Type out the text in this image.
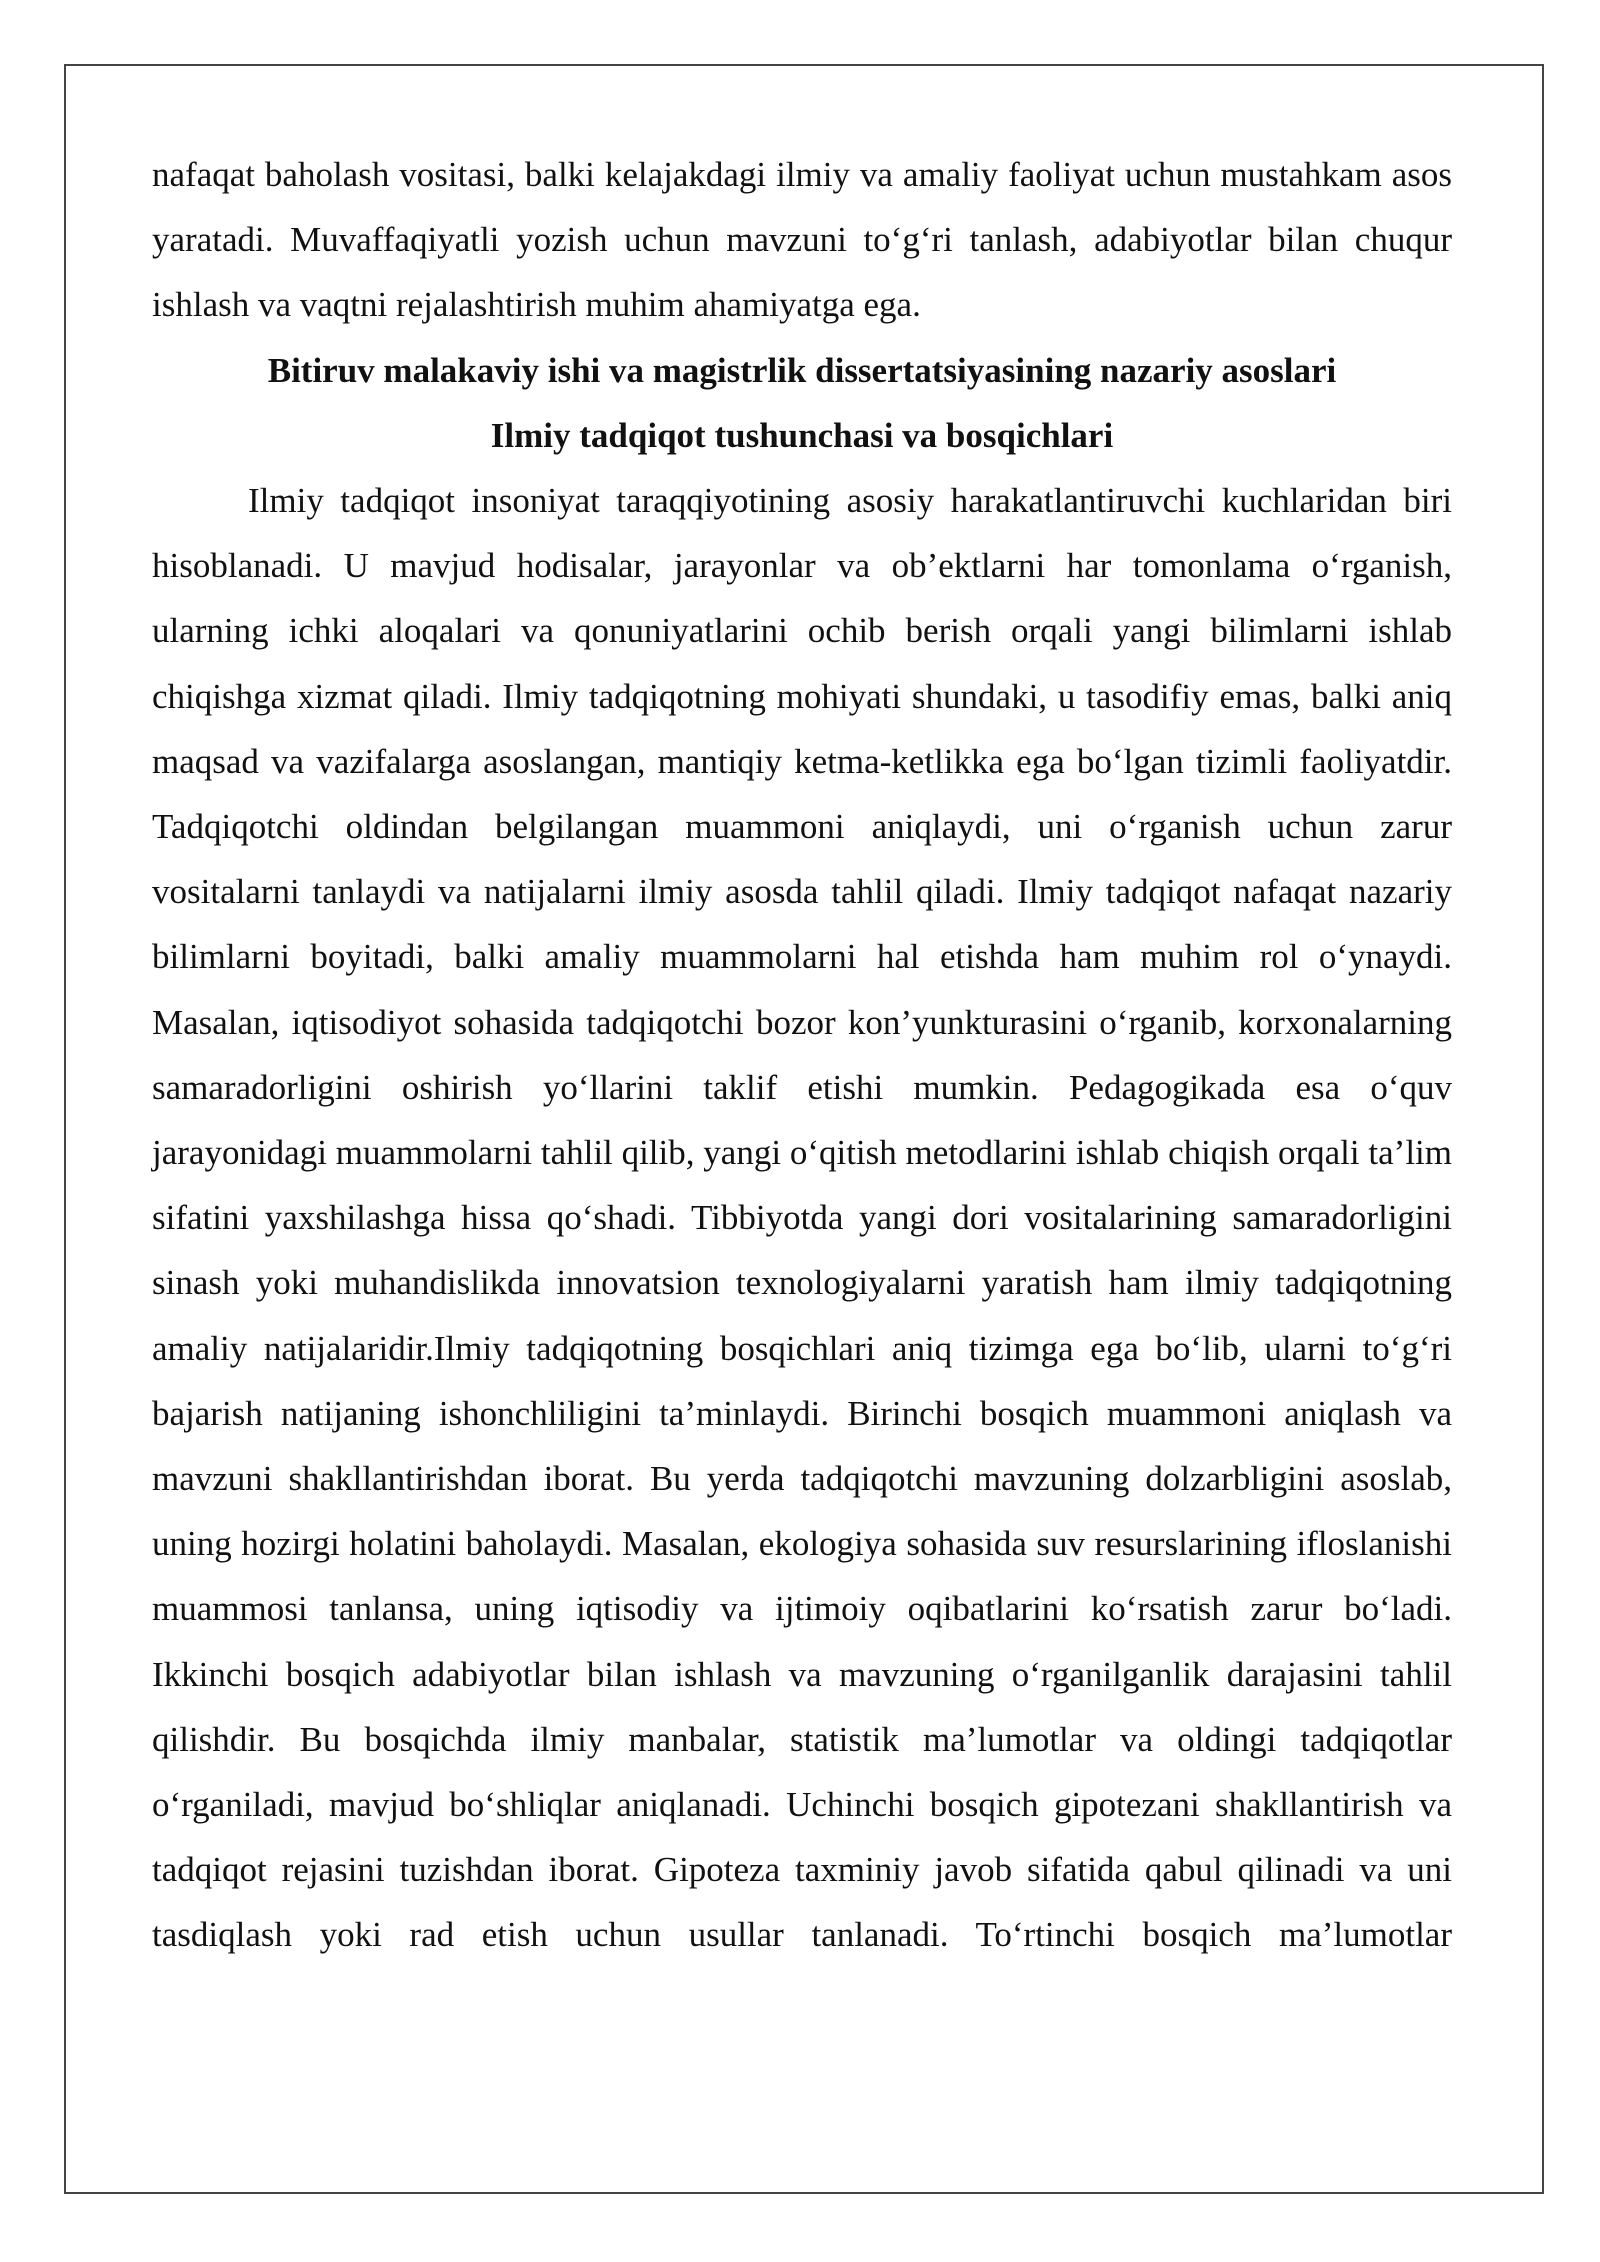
nafaqat baholash vositasi, balki kelajakdagi ilmiy va amaliy faoliyat uchun mustahkam asos yaratadi. Muvaffaqiyatli yozish uchun mavzuni to‘g‘ri tanlash, adabiyotlar bilan chuqur ishlash va vaqtni rejalashtirish muhim ahamiyatga ega.

Bitiruv malakaviy ishi va magistrlik dissertatsiyasining nazariy asoslari

Ilmiy tadqiqot tushunchasi va bosqichlari

Ilmiy tadqiqot insoniyat taraqqiyotining asosiy harakatlantiruvchi kuchlaridan biri hisoblanadi. U mavjud hodisalar, jarayonlar va ob’ektlarni har tomonlama o‘rganish, ularning ichki aloqalari va qonuniyatlarini ochib berish orqali yangi bilimlarni ishlab chiqishga xizmat qiladi. Ilmiy tadqiqotning mohiyati shundaki, u tasodifiy emas, balki aniq maqsad va vazifalarga asoslangan, mantiqiy ketma-ketlikka ega bo‘lgan tizimli faoliyatdir. Tadqiqotchi oldindan belgilangan muammoni aniqlaydi, uni o‘rganish uchun zarur vositalarni tanlaydi va natijalarni ilmiy asosda tahlil qiladi. Ilmiy tadqiqot nafaqat nazariy bilimlarni boyitadi, balki amaliy muammolarni hal etishda ham muhim rol o‘ynaydi. Masalan, iqtisodiyot sohasida tadqiqotchi bozor kon’yunkturasini o‘rganib, korxonalarning samaradorligini oshirish yo‘llarini taklif etishi mumkin. Pedagogikada esa o‘quv jarayonidagi muammolarni tahlil qilib, yangi o‘qitish metodlarini ishlab chiqish orqali ta’lim sifatini yaxshilashga hissa qo‘shadi. Tibbiyotda yangi dori vositalarining samaradorligini sinash yoki muhandislikda innovatsion texnologiyalarni yaratish ham ilmiy tadqiqotning amaliy natijalaridir.Ilmiy tadqiqotning bosqichlari aniq tizimga ega bo‘lib, ularni to‘g‘ri bajarish natijaning ishonchliligini ta’minlaydi. Birinchi bosqich muammoni aniqlash va mavzuni shakllantirishdan iborat. Bu yerda tadqiqotchi mavzuning dolzarbligini asoslab, uning hozirgi holatini baholaydi. Masalan, ekologiya sohasida suv resurslarining ifloslanishi muammosi tanlansa, uning iqtisodiy va ijtimoiy oqibatlarini ko‘rsatish zarur bo‘ladi. Ikkinchi bosqich adabiyotlar bilan ishlash va mavzuning o‘rganilganlik darajasini tahlil qilishdir. Bu bosqichda ilmiy manbalar, statistik ma’lumotlar va oldingi tadqiqotlar o‘rganiladi, mavjud bo‘shliqlar aniqlanadi. Uchinchi bosqich gipotezani shakllantirish va tadqiqot rejasini tuzishdan iborat. Gipoteza taxminiy javob sifatida qabul qilinadi va uni tasdiqlash yoki rad etish uchun usullar tanlanadi. To‘rtinchi bosqich ma’lumotlar
